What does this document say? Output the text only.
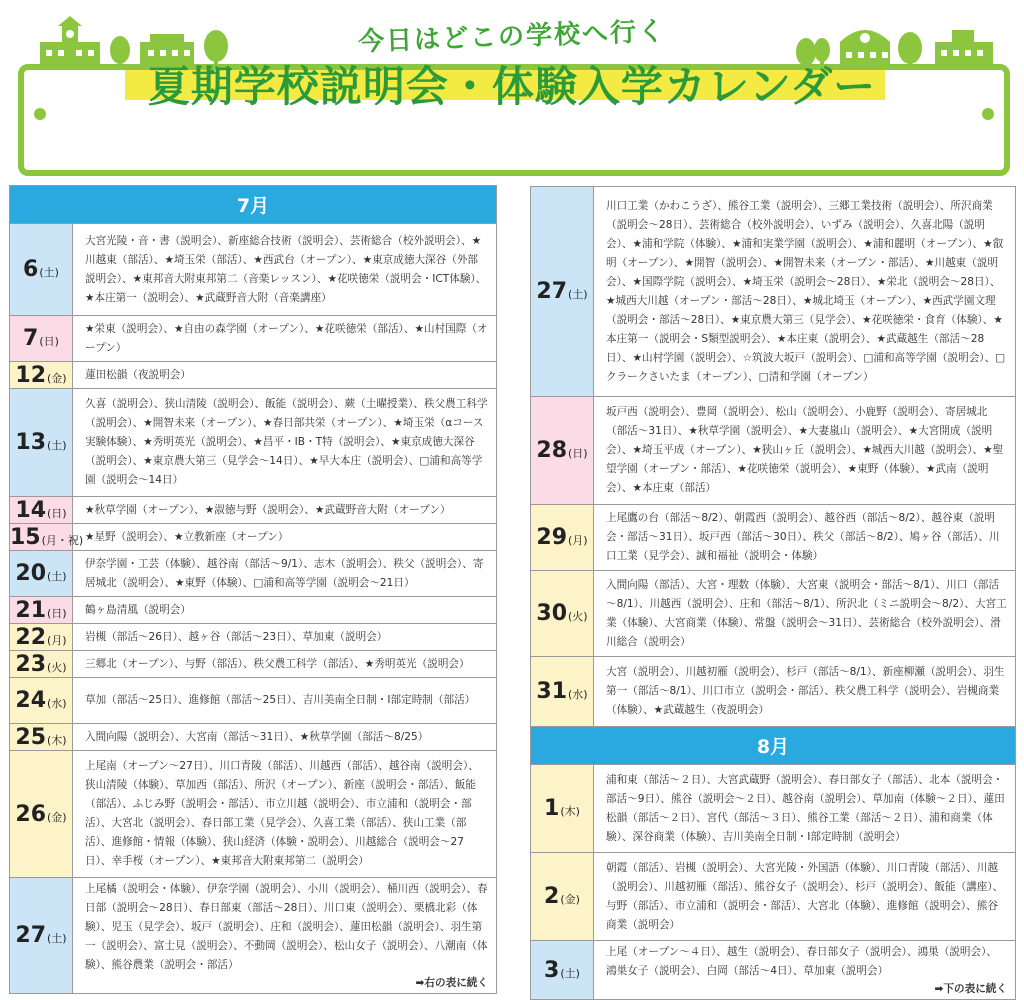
今日はどこの学校へ行く
夏期学校説明会・体験入学カレンダー
7月	
6(土)	大宮光陵・音・書（説明会）、新座総合技術（説明会）、芸術総合（校外説明会）、★川越東（部活）、★埼玉栄（部活）、★西武台（オープン）、★東京成徳大深谷（外部説明会）、★東邦音大附東邦第二（音楽レッスン）、★花咲徳栄（説明会・ICT体験）、★本庄第一（説明会）、★武蔵野音大附（音楽講座）
7(日)	★栄東（説明会）、★自由の森学園（オープン）、★花咲徳栄（部活）、★山村国際（オープン）
12(金)	蓮田松韻（夜説明会）
13(土)	久喜（説明会）、狭山清陵（説明会）、飯能（説明会）、蕨（土曜授業）、秩父農工科学（説明会）、★開智未来（オープン）、★春日部共栄（オープン）、★埼玉栄（αコース実験体験）、★秀明英光（説明会）、★昌平・IB・T特（説明会）、★東京成徳大深谷（説明会）、★東京農大第三（見学会～14日）、★早大本庄（説明会）、□浦和高等学園（説明会～14日）
14(日)	★秋草学園（オープン）、★淑徳与野（説明会）、★武蔵野音大附（オープン）
15(月・祝)	★星野（説明会）、★立教新座（オープン）
20(土)	伊奈学園・工芸（体験）、越谷南（部活～9/1）、志木（説明会）、秩父（説明会）、寄居城北（説明会）、★東野（体験）、□浦和高等学園（説明会～21日）
21(日)	鶴ヶ島清風（説明会）
22(月)	岩槻（部活～26日）、越ヶ谷（部活～23日）、草加東（説明会）
23(火)	三郷北（オープン）、与野（部活）、秩父農工科学（部活）、★秀明英光（説明会）
24(水)	草加（部活～25日）、進修館（部活～25日）、吉川美南全日制・Ⅰ部定時制（部活）
25(木)	入間向陽（説明会）、大宮南（部活～31日）、★秋草学園（部活～8/25）
26(金)	上尾南（オープン～27日）、川口青陵（部活）、川越西（部活）、越谷南（説明会）、狭山清陵（体験）、草加西（部活）、所沢（オープン）、新座（説明会・部活）、飯能（部活）、ふじみ野（説明会・部活）、市立川越（説明会）、市立浦和（説明会・部活）、大宮北（説明会）、春日部工業（見学会）、久喜工業（部活）、狭山工業（部活）、進修館・情報（体験）、狭山経済（体験・説明会）、川越総合（説明会～27日）、幸手桜（オープン）、★東邦音大附東邦第二（説明会）
27(土)	上尾橘（説明会・体験）、伊奈学園（説明会）、小川（説明会）、桶川西（説明会）、春日部（説明会～28日）、春日部東（部活～28日）、川口東（説明会）、栗橋北彩（体験）、児玉（見学会）、坂戸（説明会）、庄和（説明会）、蓮田松韻（説明会）、羽生第一（説明会）、富士見（説明会）、不動岡（説明会）、松山女子（説明会）、八潮南（体験）、熊谷農業（説明会・部活）
➡右の表に続く
27(土)	川口工業（かわこうざ）、熊谷工業（説明会）、三郷工業技術（説明会）、所沢商業（説明会～28日）、芸術総合（校外説明会）、いずみ（説明会）、久喜北陽（説明会）、★浦和学院（体験）、★浦和実業学園（説明会）、★浦和麗明（オープン）、★叡明（オープン）、★開智（説明会）、★開智未来（オープン・部活）、★川越東（説明会）、★国際学院（説明会）、★埼玉栄（説明会～28日）、★栄北（説明会～28日）、★城西大川越（オープン・部活～28日）、★城北埼玉（オープン）、★西武学園文理（説明会・部活～28日）、★東京農大第三（見学会）、★花咲徳栄・食育（体験）、★本庄第一（説明会・S類型説明会）、★本庄東（説明会）、★武蔵越生（部活～28日）、★山村学園（説明会）、☆筑波大坂戸（説明会）、□浦和高等学園（説明会）、□クラークさいたま（オープン）、□清和学園（オープン）
28(日)	坂戸西（説明会）、豊岡（説明会）、松山（説明会）、小鹿野（説明会）、寄居城北（部活～31日）、★秋草学園（説明会）、★大妻嵐山（説明会）、★大宮開成（説明会）、★埼玉平成（オープン）、★狭山ヶ丘（説明会）、★城西大川越（説明会）、★聖望学園（オープン・部活）、★花咲徳栄（説明会）、★東野（体験）、★武南（説明会）、★本庄東（部活）
29(月)	上尾鷹の台（部活～8/2）、朝霞西（説明会）、越谷西（部活～8/2）、越谷東（説明会・部活～31日）、坂戸西（部活～30日）、秩父（部活～8/2）、鳩ヶ谷（部活）、川口工業（見学会）、誠和福祉（説明会・体験）
30(火)	入間向陽（部活）、大宮・理数（体験）、大宮東（説明会・部活～8/1）、川口（部活～8/1）、川越西（説明会）、庄和（部活～8/1）、所沢北（ミニ説明会～8/2）、大宮工業（体験）、大宮商業（体験）、常盤（説明会～31日）、芸術総合（校外説明会）、滑川総合（説明会）
31(水)	大宮（説明会）、川越初雁（説明会）、杉戸（部活～8/1）、新座柳瀬（説明会）、羽生第一（部活～8/1）、川口市立（説明会・部活）、秩父農工科学（説明会）、岩槻商業（体験）、★武蔵越生（夜説明会）
8月	
1(木)	浦和東（部活～２日）、大宮武蔵野（説明会）、春日部女子（部活）、北本（説明会・部活～9日）、熊谷（説明会～２日）、越谷南（説明会）、草加南（体験～２日）、蓮田松韻（部活～２日）、宮代（部活～３日）、熊谷工業（部活～２日）、浦和商業（体験）、深谷商業（体験）、吉川美南全日制・Ⅰ部定時制（説明会）
2(金)	朝霞（部活）、岩槻（説明会）、大宮光陵・外国語（体験）、川口青陵（部活）、川越（説明会）、川越初雁（部活）、熊谷女子（説明会）、杉戸（説明会）、飯能（講座）、与野（部活）、市立浦和（説明会・部活）、大宮北（体験）、進修館（説明会）、熊谷商業（説明会）
3(土)	上尾（オープン～４日）、越生（説明会）、春日部女子（説明会）、鴻巣（説明会）、鴻巣女子（説明会）、白岡（部活～4日）、草加東（説明会）
➡下の表に続く
